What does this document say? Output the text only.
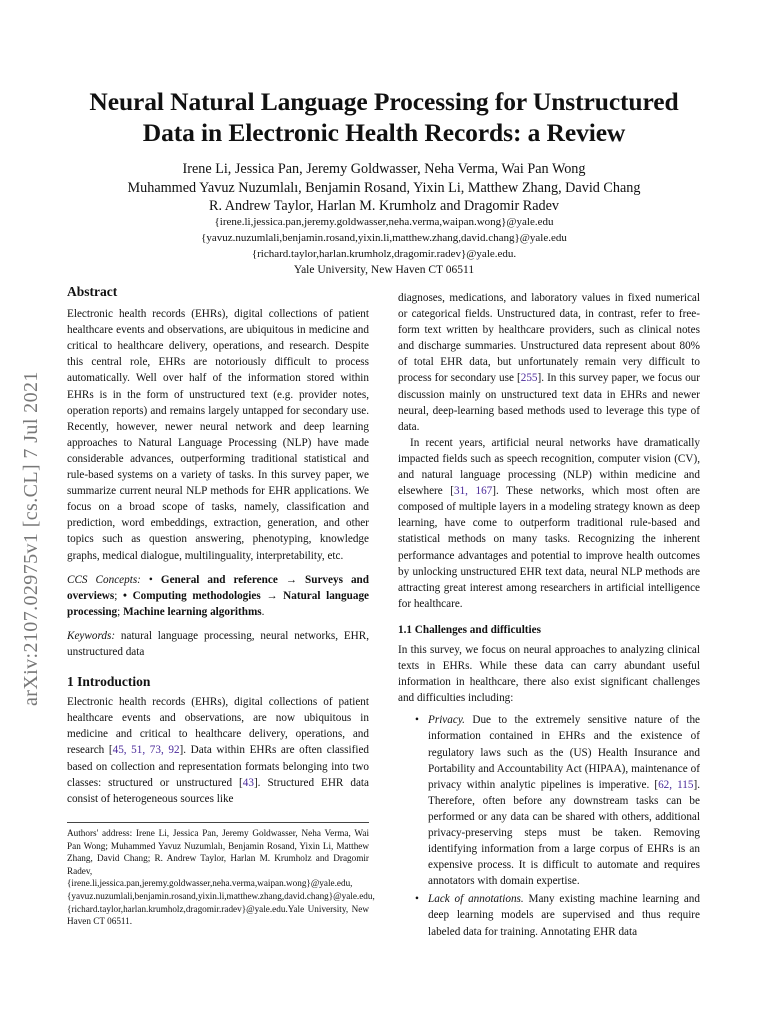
arXiv:2107.02975v1 [cs.CL] 7 Jul 2021
Neural Natural Language Processing for Unstructured
Data in Electronic Health Records: a Review
Irene Li, Jessica Pan, Jeremy Goldwasser, Neha Verma, Wai Pan Wong
Muhammed Yavuz Nuzumlalı, Benjamin Rosand, Yixin Li, Matthew Zhang, David Chang
R. Andrew Taylor, Harlan M. Krumholz and Dragomir Radev
{irene.li,jessica.pan,jeremy.goldwasser,neha.verma,waipan.wong}@yale.edu
{yavuz.nuzumlali,benjamin.rosand,yixin.li,matthew.zhang,david.chang}@yale.edu
{richard.taylor,harlan.krumholz,dragomir.radev}@yale.edu.
Yale University, New Haven CT 06511
Abstract

Electronic health records (EHRs), digital collections of patient healthcare events and observations, are ubiquitous in medicine and critical to healthcare delivery, operations, and research. Despite this central role, EHRs are notoriously difficult to process automatically. Well over half of the information stored within EHRs is in the form of unstructured text (e.g. provider notes, operation reports) and remains largely untapped for secondary use. Recently, however, newer neural network and deep learning approaches to Natural Language Processing (NLP) have made considerable advances, outperforming traditional statistical and rule-based systems on a variety of tasks. In this survey paper, we summarize current neural NLP methods for EHR applications. We focus on a broad scope of tasks, namely, classification and prediction, word embeddings, extraction, generation, and other topics such as question answering, phenotyping, knowledge graphs, medical dialogue, multilinguality, interpretability, etc.

CCS Concepts: • General and reference → Surveys and overviews; • Computing methodologies → Natural language processing; Machine learning algorithms.

Keywords: natural language processing, neural networks, EHR, unstructured data

1 Introduction

Electronic health records (EHRs), digital collections of patient healthcare events and observations, are now ubiquitous in medicine and critical to healthcare delivery, operations, and research [45, 51, 73, 92]. Data within EHRs are often classified based on collection and representation formats belonging into two classes: structured or unstructured [43]. Structured EHR data consist of heterogeneous sources like

Authors' address: Irene Li, Jessica Pan, Jeremy Goldwasser, Neha Verma, Wai Pan Wong; Muhammed Yavuz Nuzumlalı, Benjamin Rosand, Yixin Li, Matthew Zhang, David Chang; R. Andrew Taylor, Harlan M. Krumholz and Dragomir Radev, {irene.li,jessica.pan,jeremy.goldwasser,neha.verma,waipan.wong}@yale.edu, {yavuz.nuzumlali,benjamin.rosand,yixin.li,matthew.zhang,david.chang}@yale.edu, {richard.taylor,harlan.krumholz,dragomir.radev}@yale.edu.Yale University, New Haven CT 06511.

diagnoses, medications, and laboratory values in fixed numerical or categorical fields. Unstructured data, in contrast, refer to free-form text written by healthcare providers, such as clinical notes and discharge summaries. Unstructured data represent about 80% of total EHR data, but unfortunately remain very difficult to process for secondary use [255]. In this survey paper, we focus our discussion mainly on unstructured text data in EHRs and newer neural, deep-learning based methods used to leverage this type of data.

In recent years, artificial neural networks have dramatically impacted fields such as speech recognition, computer vision (CV), and natural language processing (NLP) within medicine and elsewhere [31, 167]. These networks, which most often are composed of multiple layers in a modeling strategy known as deep learning, have come to outperform traditional rule-based and statistical methods on many tasks. Recognizing the inherent performance advantages and potential to improve health outcomes by unlocking unstructured EHR text data, neural NLP methods are attracting great interest among researchers in artificial intelligence for healthcare.

1.1 Challenges and difficulties

In this survey, we focus on neural approaches to analyzing clinical texts in EHRs. While these data can carry abundant useful information in healthcare, there also exist significant challenges and difficulties including:

• Privacy. Due to the extremely sensitive nature of the information contained in EHRs and the existence of regulatory laws such as the (US) Health Insurance and Portability and Accountability Act (HIPAA), maintenance of privacy within analytic pipelines is imperative. [62, 115]. Therefore, often before any downstream tasks can be performed or any data can be shared with others, additional privacy-preserving steps must be taken. Removing identifying information from a large corpus of EHRs is an expensive process. It is difficult to automate and requires annotators with domain expertise.
• Lack of annotations. Many existing machine learning and deep learning models are supervised and thus require labeled data for training. Annotating EHR data
